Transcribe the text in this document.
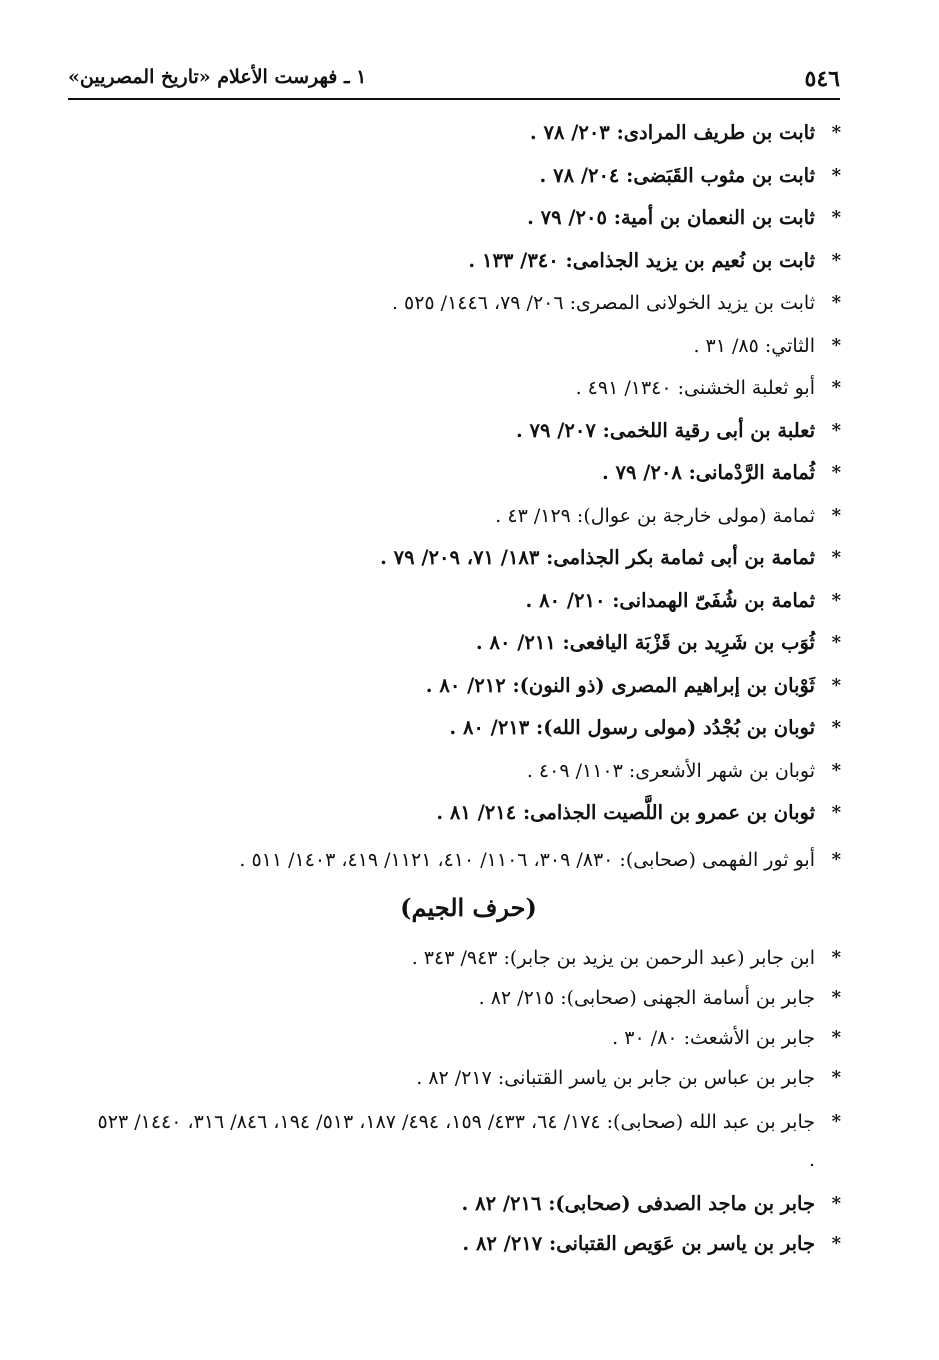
٥٤٦
١ ـ فهرست الأعلام «تاريخ المصريين»
*
ثابت بن طريف المرادى: ٢٠٣/ ٧٨ .
*
ثابت بن مثوب القَبَضى: ٢٠٤/ ٧٨ .
*
ثابت بن النعمان بن أمية: ٢٠٥/ ٧٩ .
*
ثابت بن نُعيم بن يزيد الجذامى: ٣٤٠/ ١٣٣ .
*
ثابت بن يزيد الخولانى المصرى: ٢٠٦/ ٧٩، ١٤٤٦/ ٥٢٥ .
*
الثاتي: ٨٥/ ٣١ .
*
أبو ثعلبة الخشنى: ١٣٤٠/ ٤٩١ .
*
ثعلبة بن أبى رقية اللخمى: ٢٠٧/ ٧٩ .
*
ثُمامة الرَّدْمانى: ٢٠٨/ ٧٩ .
*
ثمامة (مولى خارجة بن عوال): ١٢٩/ ٤٣ .
*
ثمامة بن أبى ثمامة بكر الجذامى: ١٨٣/ ٧١، ٢٠٩/ ٧٩ .
*
ثمامة بن شُفَىّ الهمدانى: ٢١٠/ ٨٠ .
*
ثُوَب بن شَرِيد بن قَزْبَة اليافعى: ٢١١/ ٨٠ .
*
ثَوْبان بن إبراهيم المصرى (ذو النون): ٢١٢/ ٨٠ .
*
ثوبان بن بُجْدُد (مولى رسول الله): ٢١٣/ ٨٠ .
*
ثوبان بن شهر الأشعرى: ١١٠٣/ ٤٠٩ .
*
ثوبان بن عمرو بن اللَّصيت الجذامى: ٢١٤/ ٨١ .
*
أبو ثور الفهمى (صحابى): ٨٣٠/ ٣٠٩، ١١٠٦/ ٤١٠، ١١٢١/ ٤١٩، ١٤٠٣/ ٥١١ .
(حرف الجيم)
*
ابن جابر (عبد الرحمن بن يزيد بن جابر): ٩٤٣/ ٣٤٣ .
*
جابر بن أسامة الجهنى (صحابى): ٢١٥/ ٨٢ .
*
جابر بن الأشعث: ٨٠/ ٣٠ .
*
جابر بن عباس بن جابر بن ياسر القتبانى: ٢١٧/ ٨٢ .
*
جابر بن عبد الله (صحابى): ١٧٤/ ٦٤، ٤٣٣/ ١٥٩، ٤٩٤/ ١٨٧، ٥١٣/ ١٩٤، ٨٤٦/ ٣١٦، ١٤٤٠/ ٥٢٣ .
*
جابر بن ماجد الصدفى (صحابى): ٢١٦/ ٨٢ .
*
جابر بن ياسر بن عَوَيص القتبانى: ٢١٧/ ٨٢ .
